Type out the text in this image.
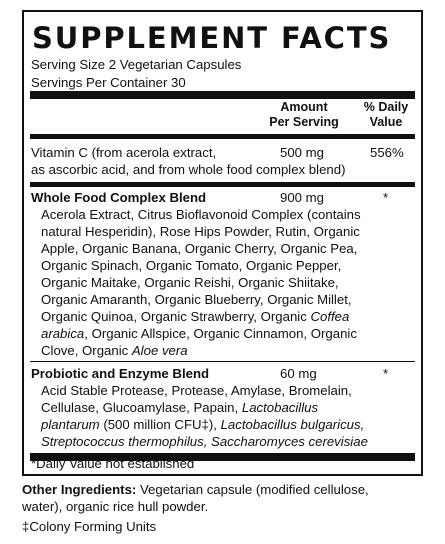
SUPPLEMENT FACTS
Serving Size 2 Vegetarian Capsules
Servings Per Container 30
Amount
Per Serving
% Daily
Value
Vitamin C (from acerola extract,
as ascorbic acid, and from whole food complex blend)
500 mg	556%
Whole Food Complex Blend	900 mg	*
Acerola Extract, Citrus Bioflavonoid Complex (contains
natural Hesperidin), Rose Hips Powder, Rutin, Organic
Apple, Organic Banana, Organic Cherry, Organic Pea,
Organic Spinach, Organic Tomato, Organic Pepper,
Organic Maitake, Organic Reishi, Organic Shiitake,
Organic Amaranth, Organic Blueberry, Organic Millet,
Organic Quinoa, Organic Strawberry, Organic Coffea
arabica, Organic Allspice, Organic Cinnamon, Organic
Clove, Organic Aloe vera
Probiotic and Enzyme Blend	60 mg	*
Acid Stable Protease, Protease, Amylase, Bromelain,
Cellulase, Glucoamylase, Papain, Lactobacillus
plantarum (500 million CFU‡), Lactobacillus bulgaricus,
Streptococcus thermophilus, Saccharomyces cerevisiae
*Daily Value not established
Other Ingredients: Vegetarian capsule (modified cellulose,
water), organic rice hull powder.
‡Colony Forming Units
